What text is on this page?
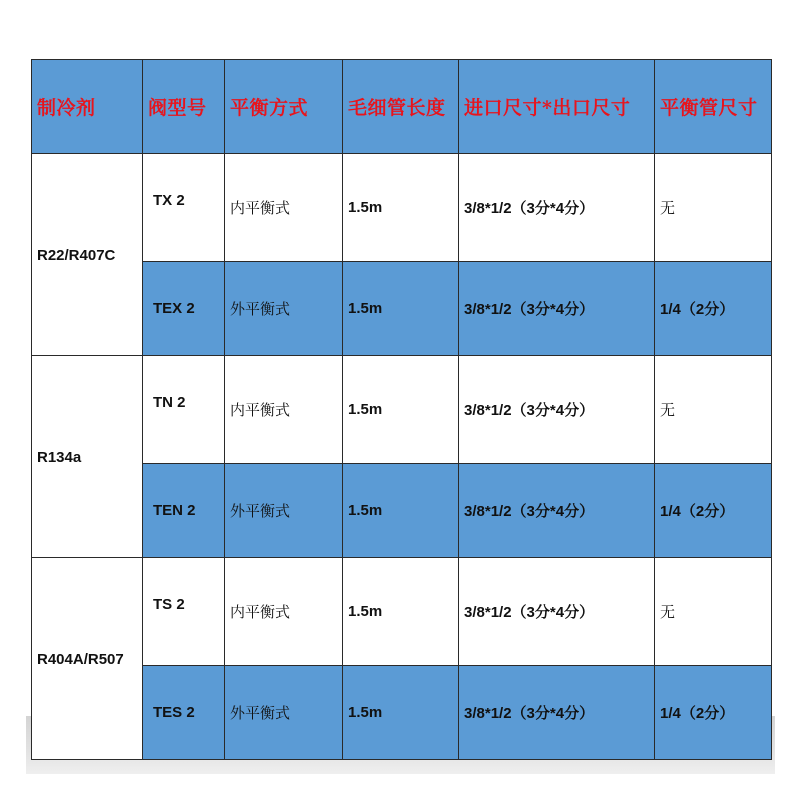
制冷剂	阀型号	平衡方式	毛细管长度	进口尺寸*出口尺寸	平衡管尺寸
R22/R407C	TX 2	内平衡式	1.5m	3/8*1/2（3分*4分）	无
	TEX 2	外平衡式	1.5m	3/8*1/2（3分*4分）	1/4（2分）
R134a	TN 2	内平衡式	1.5m	3/8*1/2（3分*4分）	无
	TEN 2	外平衡式	1.5m	3/8*1/2（3分*4分）	1/4（2分）
R404A/R507	TS 2	内平衡式	1.5m	3/8*1/2（3分*4分）	无
	TES 2	外平衡式	1.5m	3/8*1/2（3分*4分）	1/4（2分）
